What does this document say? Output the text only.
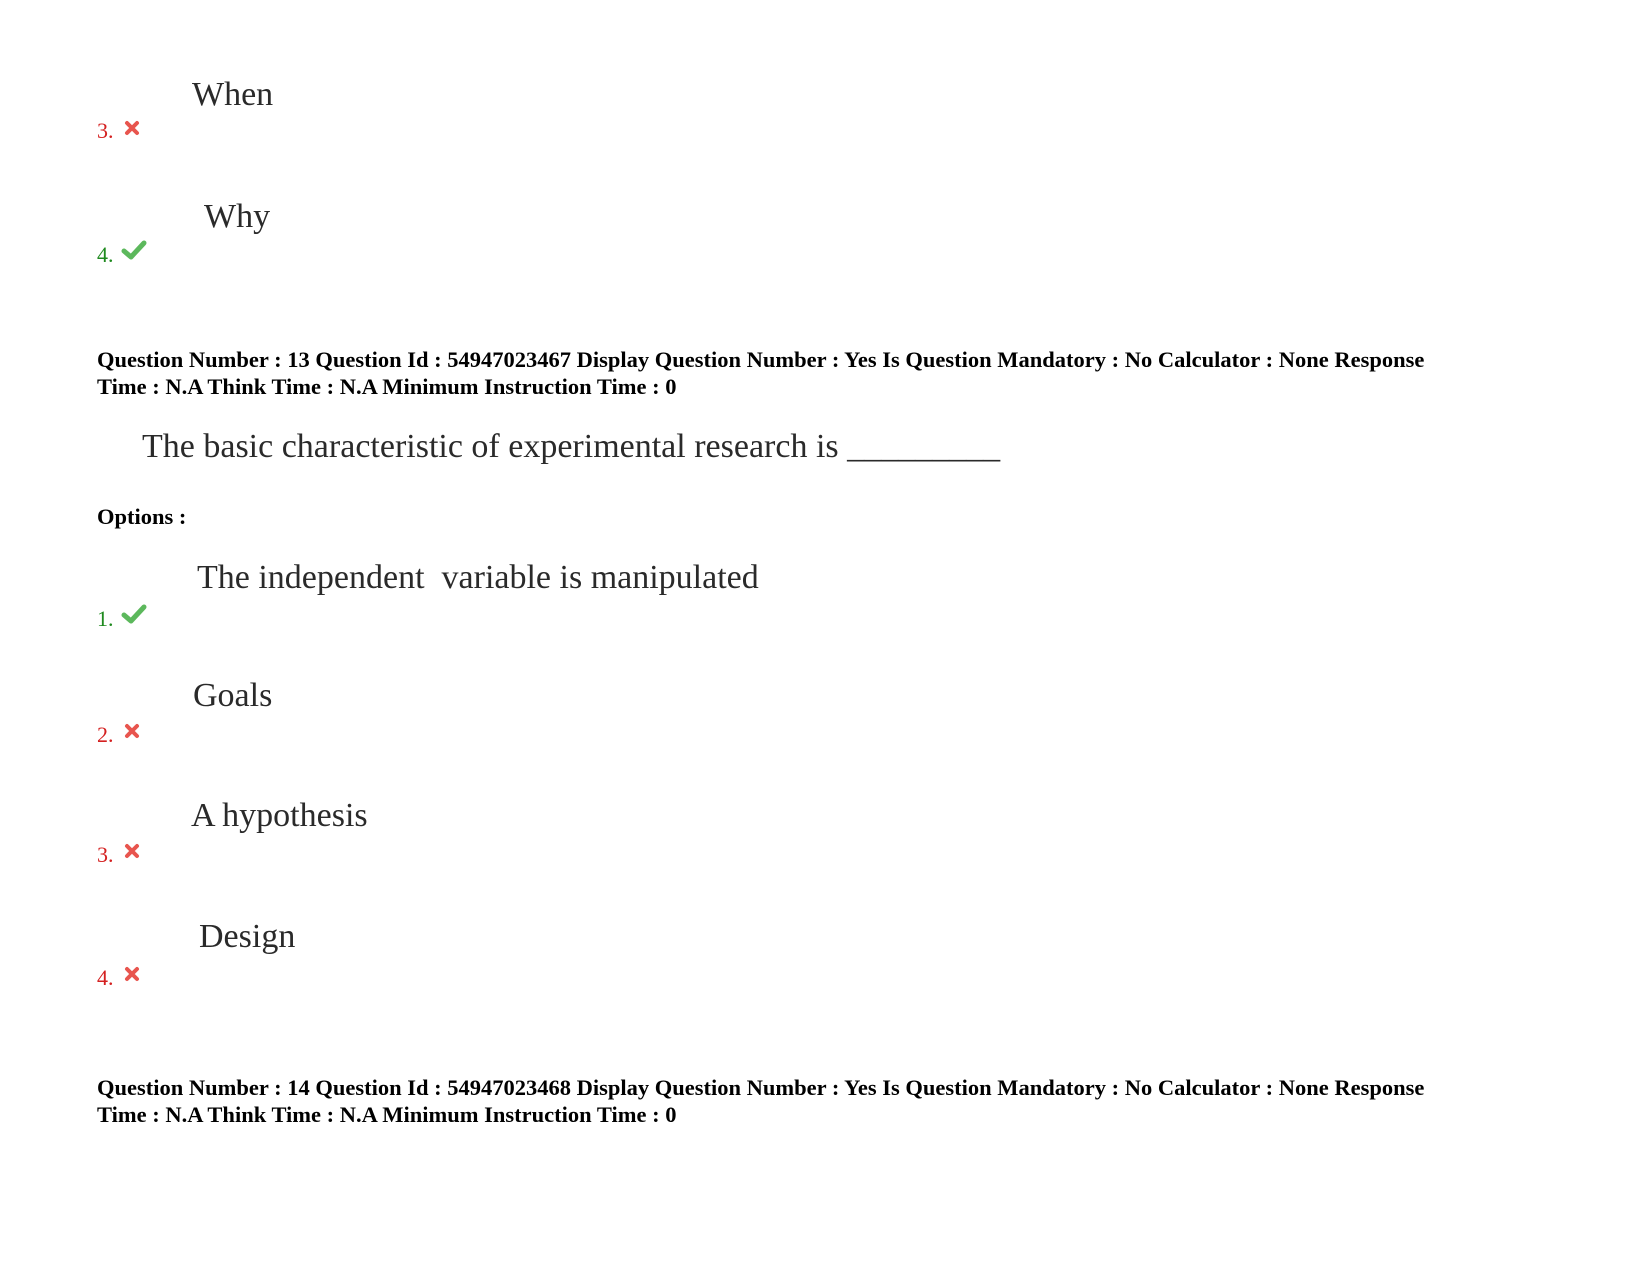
When
3.
Why
4.
Question Number : 13 Question Id : 54947023467 Display Question Number : Yes Is Question Mandatory : No Calculator : None Response
Time : N.A Think Time : N.A Minimum Instruction Time : 0
The basic characteristic of experimental research is _________
Options :
The independent  variable is manipulated
1.
Goals
2.
A hypothesis
3.
Design
4.
Question Number : 14 Question Id : 54947023468 Display Question Number : Yes Is Question Mandatory : No Calculator : None Response
Time : N.A Think Time : N.A Minimum Instruction Time : 0
